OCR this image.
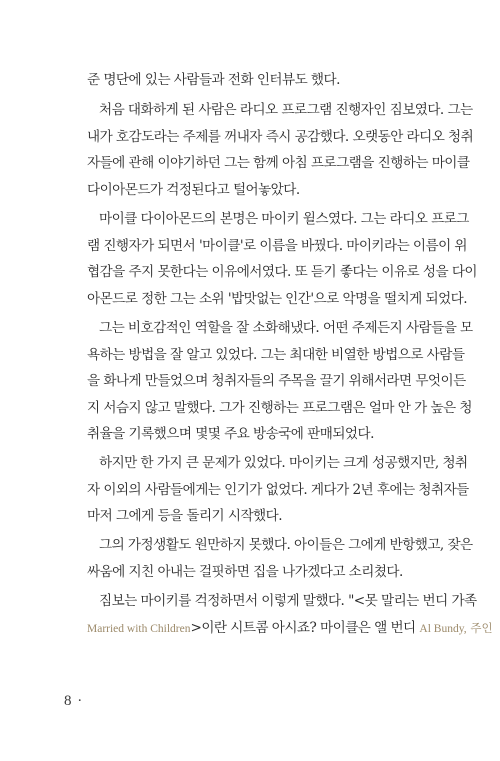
준 명단에 있는 사람들과 전화 인터뷰도 했다.
처음 대화하게 된 사람은 라디오 프로그램 진행자인 짐보였다. 그는
내가 호감도라는 주제를 꺼내자 즉시 공감했다. 오랫동안 라디오 청취
자들에 관해 이야기하던 그는 함께 아침 프로그램을 진행하는 마이클
다이아몬드가 걱정된다고 털어놓았다.
마이클 다이아몬드의 본명은 마이키 윌스였다. 그는 라디오 프로그
램 진행자가 되면서 '마이클'로 이름을 바꿨다. 마이키라는 이름이 위
협감을 주지 못한다는 이유에서였다. 또 듣기 좋다는 이유로 성을 다이
아몬드로 정한 그는 소위 '밥맛없는 인간'으로 악명을 떨치게 되었다.
그는 비호감적인 역할을 잘 소화해냈다. 어떤 주제든지 사람들을 모
욕하는 방법을 잘 알고 있었다. 그는 최대한 비열한 방법으로 사람들
을 화나게 만들었으며 청취자들의 주목을 끌기 위해서라면 무엇이든
지 서슴지 않고 말했다. 그가 진행하는 프로그램은 얼마 안 가 높은 청
취율을 기록했으며 몇몇 주요 방송국에 판매되었다.
하지만 한 가지 큰 문제가 있었다. 마이키는 크게 성공했지만, 청취
자 이외의 사람들에게는 인기가 없었다. 게다가 2년 후에는 청취자들
마저 그에게 등을 돌리기 시작했다.
그의 가정생활도 원만하지 못했다. 아이들은 그에게 반항했고, 잦은
싸움에 지친 아내는 걸핏하면 집을 나가겠다고 소리쳤다.
짐보는 마이키를 걱정하면서 이렇게 말했다. "<못 말리는 번디 가족
Married with Children>이란 시트콤 아시죠? 마이클은 앨 번디 Al Bundy, 주인
8 ·
